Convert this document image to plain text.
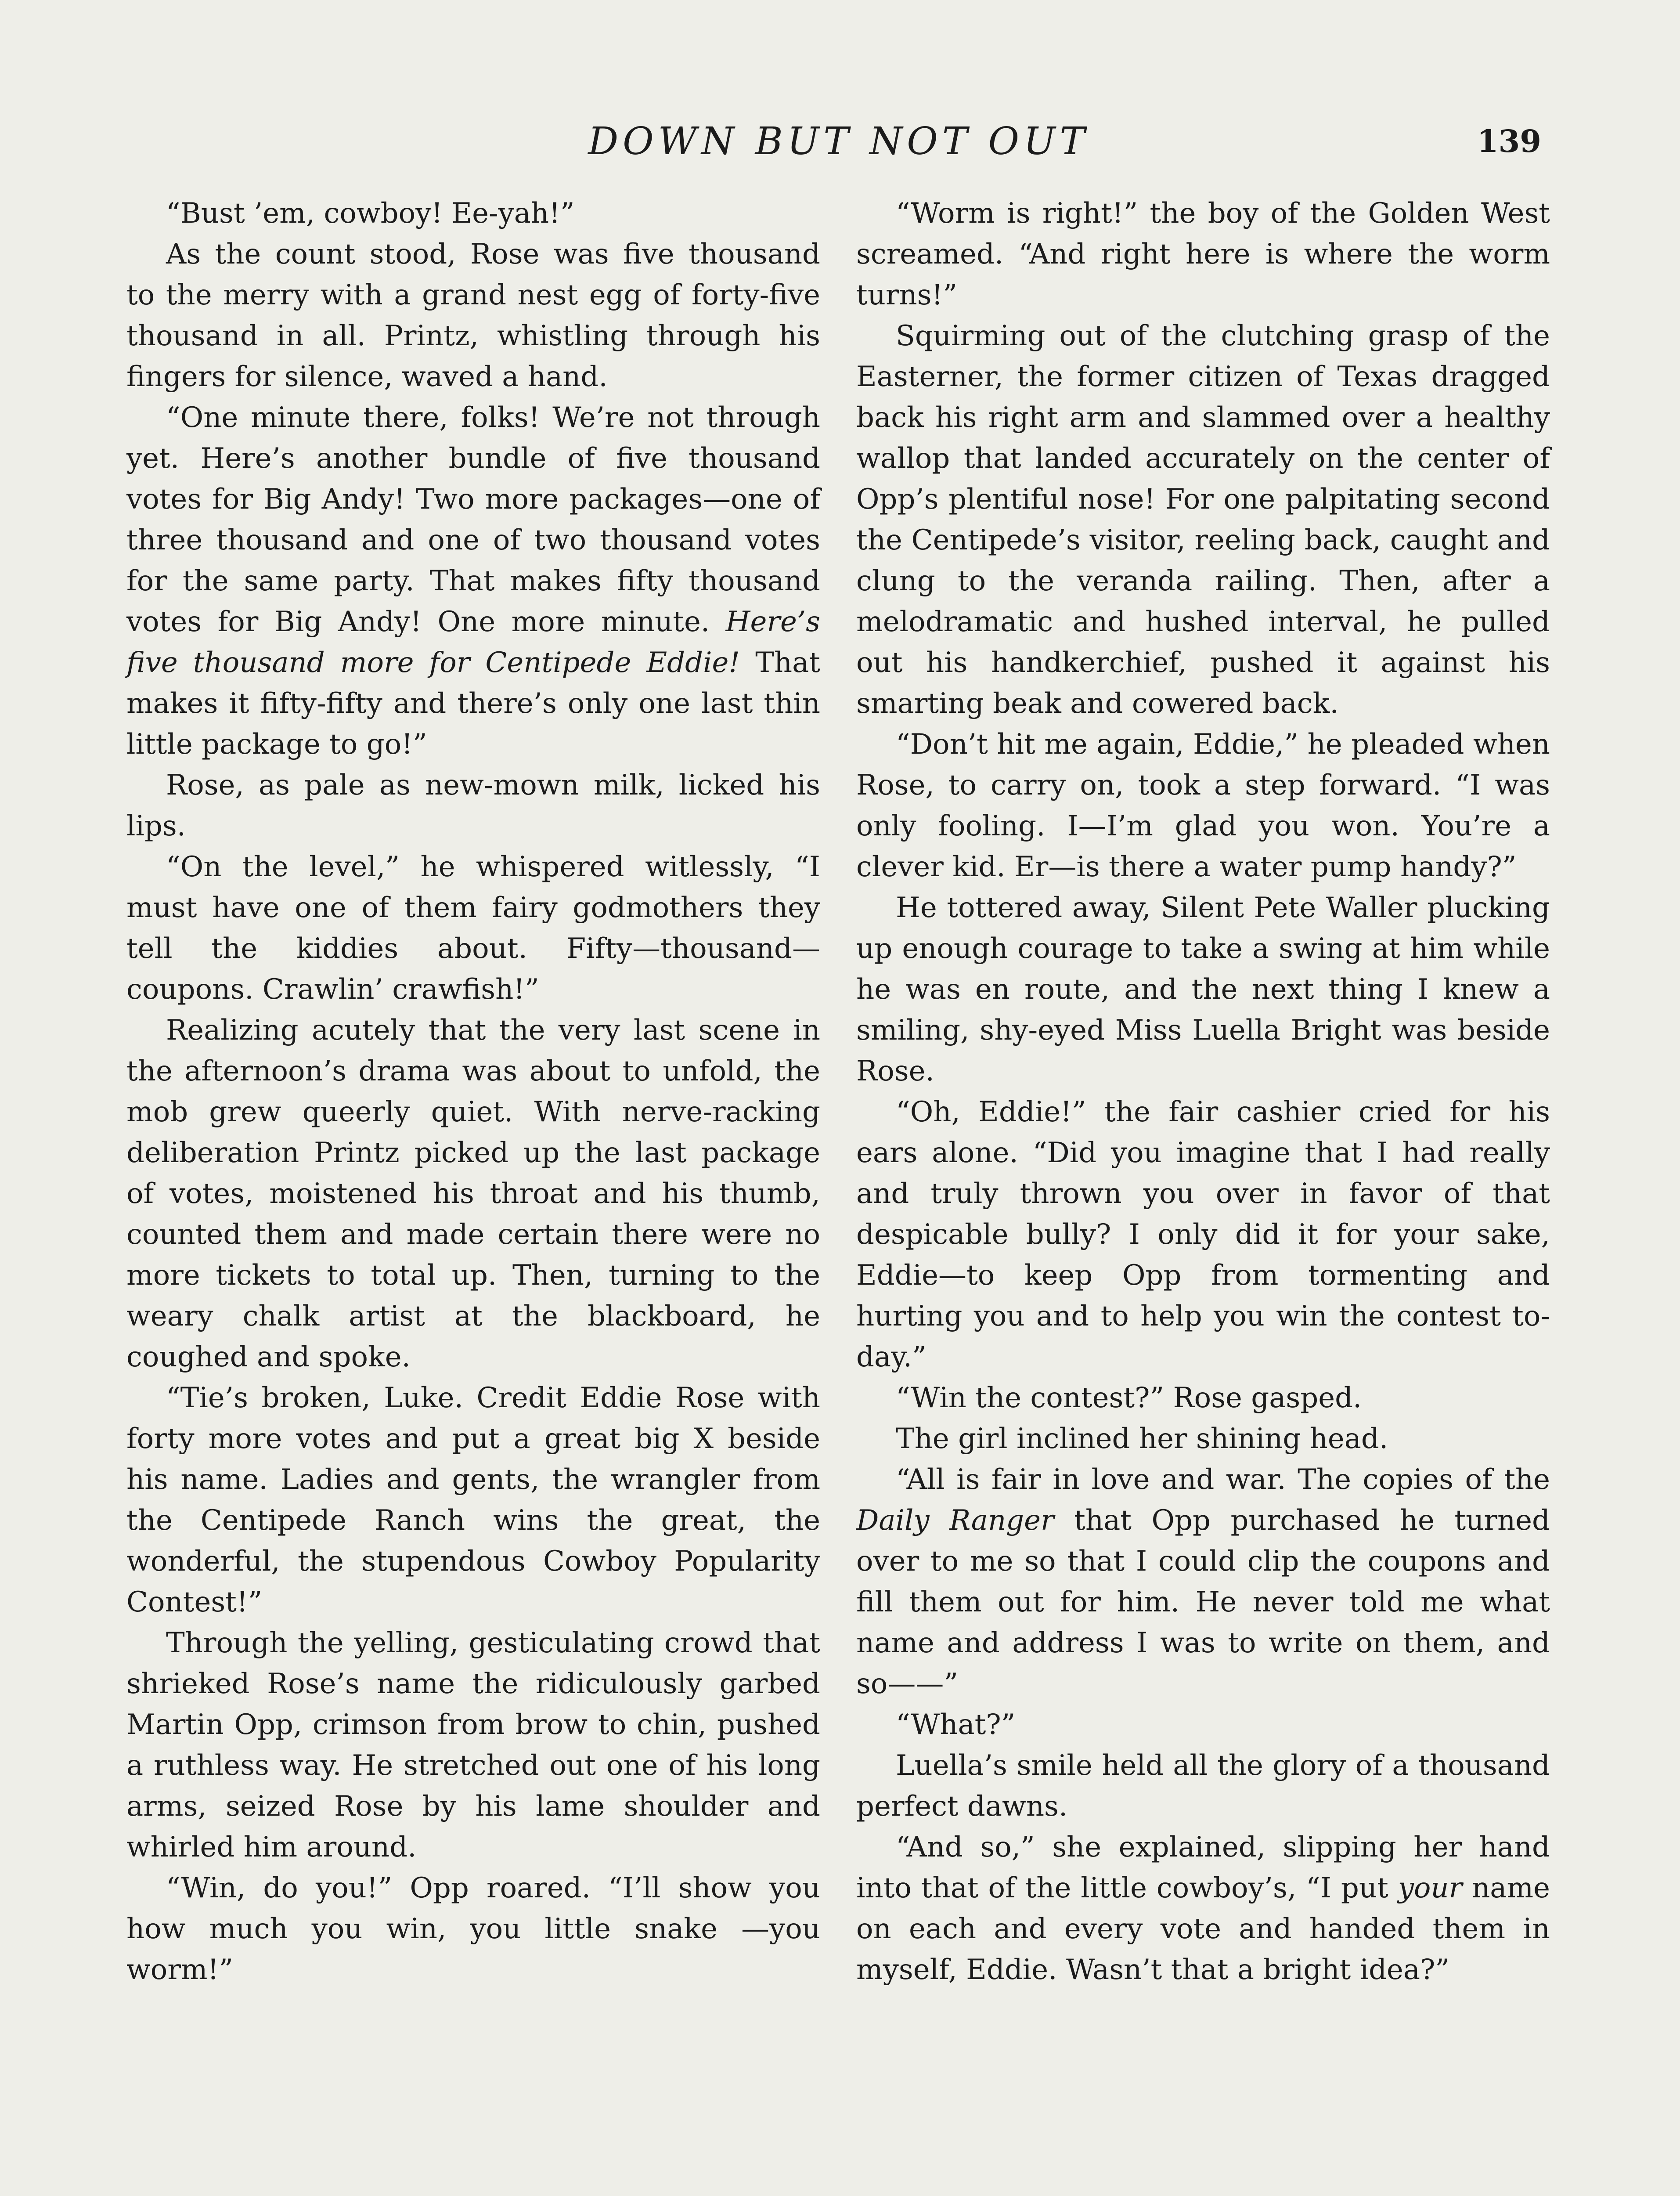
DOWN BUT NOT OUT	139

“Bust ’em, cowboy! Ee-yah!”

As the count stood, Rose was five thousand to the merry with a grand nest egg of forty-five thousand in all. Printz, whistling through his fingers for silence, waved a hand.

“One minute there, folks! We’re not through yet. Here’s another bundle of five thousand votes for Big Andy! Two more packages—one of three thousand and one of two thousand votes for the same party. That makes fifty thousand votes for Big Andy! One more minute. Here’s five thousand more for Centipede Eddie! That makes it fifty-fifty and there’s only one last thin little package to go!”

Rose, as pale as new-mown milk, licked his lips.

“On the level,” he whispered witlessly, “I must have one of them fairy godmothers they tell the kiddies about. Fifty—thousand—coupons. Crawlin’ crawfish!”

Realizing acutely that the very last scene in the afternoon’s drama was about to unfold, the mob grew queerly quiet. With nerve-racking deliberation Printz picked up the last package of votes, moistened his throat and his thumb, counted them and made certain there were no more tickets to total up. Then, turning to the weary chalk artist at the blackboard, he coughed and spoke.

“Tie’s broken, Luke. Credit Eddie Rose with forty more votes and put a great big X beside his name. Ladies and gents, the wrangler from the Centipede Ranch wins the great, the wonderful, the stupendous Cowboy Popularity Contest!”

Through the yelling, gesticulating crowd that shrieked Rose’s name the ridiculously garbed Martin Opp, crimson from brow to chin, pushed a ruthless way. He stretched out one of his long arms, seized Rose by his lame shoulder and whirled him around.

“Win, do you!” Opp roared. “I’ll show you how much you win, you little snake —you worm!”

“Worm is right!” the boy of the Golden West screamed. “And right here is where the worm turns!”

Squirming out of the clutching grasp of the Easterner, the former citizen of Texas dragged back his right arm and slammed over a healthy wallop that landed accurately on the center of Opp’s plentiful nose! For one palpitating second the Centipede’s visitor, reeling back, caught and clung to the veranda railing. Then, after a melodramatic and hushed interval, he pulled out his handkerchief, pushed it against his smarting beak and cowered back.

“Don’t hit me again, Eddie,” he pleaded when Rose, to carry on, took a step forward. “I was only fooling. I—I’m glad you won. You’re a clever kid. Er—is there a water pump handy?”

He tottered away, Silent Pete Waller plucking up enough courage to take a swing at him while he was en route, and the next thing I knew a smiling, shy-eyed Miss Luella Bright was beside Rose.

“Oh, Eddie!” the fair cashier cried for his ears alone. “Did you imagine that I had really and truly thrown you over in favor of that despicable bully? I only did it for your sake, Eddie—to keep Opp from tormenting and hurting you and to help you win the contest to-day.”

“Win the contest?” Rose gasped.

The girl inclined her shining head.

“All is fair in love and war. The copies of the Daily Ranger that Opp purchased he turned over to me so that I could clip the coupons and fill them out for him. He never told me what name and address I was to write on them, and so——”

“What?”

Luella’s smile held all the glory of a thousand perfect dawns.

“And so,” she explained, slipping her hand into that of the little cowboy’s, “I put your name on each and every vote and handed them in myself, Eddie. Wasn’t that a bright idea?”
